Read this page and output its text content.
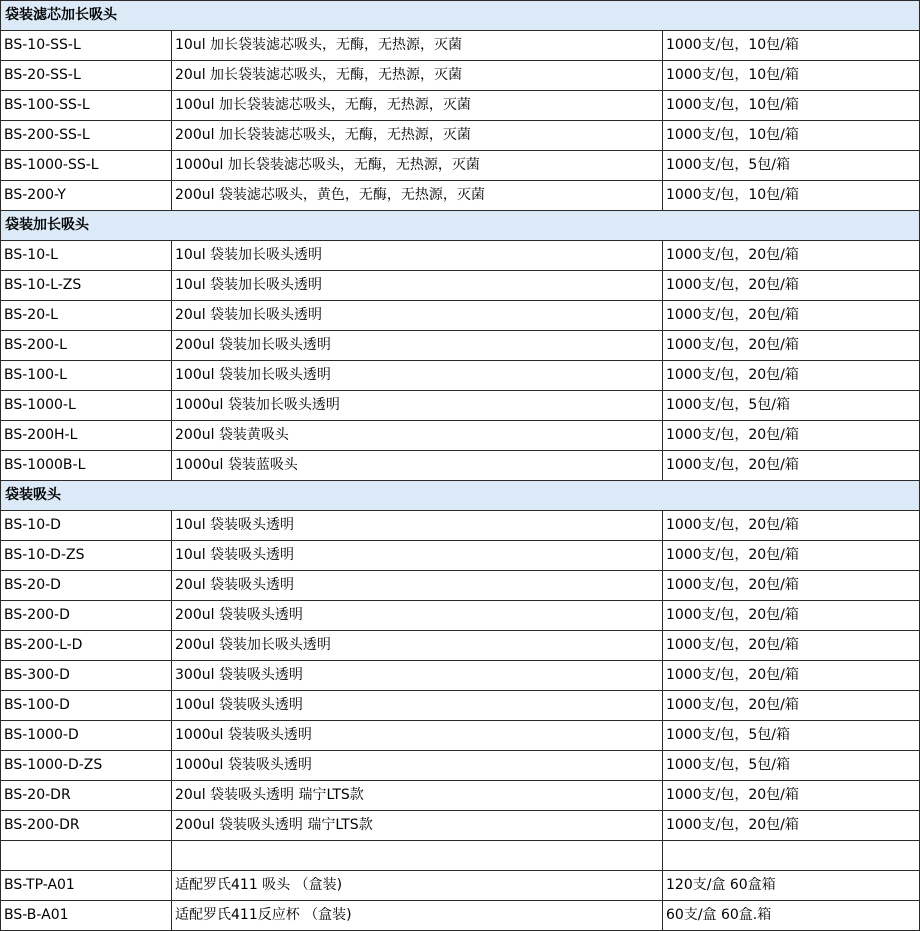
袋装滤芯加长吸头		
BS-10-SS-L	10ul 加长袋装滤芯吸头，无酶，无热源，灭菌	1000支/包，10包/箱
BS-20-SS-L	20ul 加长袋装滤芯吸头，无酶，无热源，灭菌	1000支/包，10包/箱
BS-100-SS-L	100ul 加长袋装滤芯吸头，无酶，无热源，灭菌	1000支/包，10包/箱
BS-200-SS-L	200ul 加长袋装滤芯吸头，无酶，无热源，灭菌	1000支/包，10包/箱
BS-1000-SS-L	1000ul 加长袋装滤芯吸头，无酶，无热源，灭菌	1000支/包，5包/箱
BS-200-Y	200ul 袋装滤芯吸头，黄色，无酶，无热源，灭菌	1000支/包，10包/箱
袋装加长吸头		
BS-10-L	10ul 袋装加长吸头透明	1000支/包，20包/箱
BS-10-L-ZS	10ul 袋装加长吸头透明	1000支/包，20包/箱
BS-20-L	20ul 袋装加长吸头透明	1000支/包，20包/箱
BS-200-L	200ul 袋装加长吸头透明	1000支/包，20包/箱
BS-100-L	100ul 袋装加长吸头透明	1000支/包，20包/箱
BS-1000-L	1000ul 袋装加长吸头透明	1000支/包，5包/箱
BS-200H-L	200ul 袋装黄吸头	1000支/包，20包/箱
BS-1000B-L	1000ul 袋装蓝吸头	1000支/包，20包/箱
袋装吸头		
BS-10-D	10ul 袋装吸头透明	1000支/包，20包/箱
BS-10-D-ZS	10ul 袋装吸头透明	1000支/包，20包/箱
BS-20-D	20ul 袋装吸头透明	1000支/包，20包/箱
BS-200-D	200ul 袋装吸头透明	1000支/包，20包/箱
BS-200-L-D	200ul 袋装加长吸头透明	1000支/包，20包/箱
BS-300-D	300ul 袋装吸头透明	1000支/包，20包/箱
BS-100-D	100ul 袋装吸头透明	1000支/包，20包/箱
BS-1000-D	1000ul 袋装吸头透明	1000支/包，5包/箱
BS-1000-D-ZS	1000ul 袋装吸头透明	1000支/包，5包/箱
BS-20-DR	20ul 袋装吸头透明 瑞宁LTS款	1000支/包，20包/箱
BS-200-DR	200ul 袋装吸头透明 瑞宁LTS款	1000支/包，20包/箱

BS-TP-A01	适配罗氏411 吸头 （盒装)	120支/盒 60盒箱
BS-B-A01	适配罗氏411反应杯 （盒装)	60支/盒 60盒.箱
